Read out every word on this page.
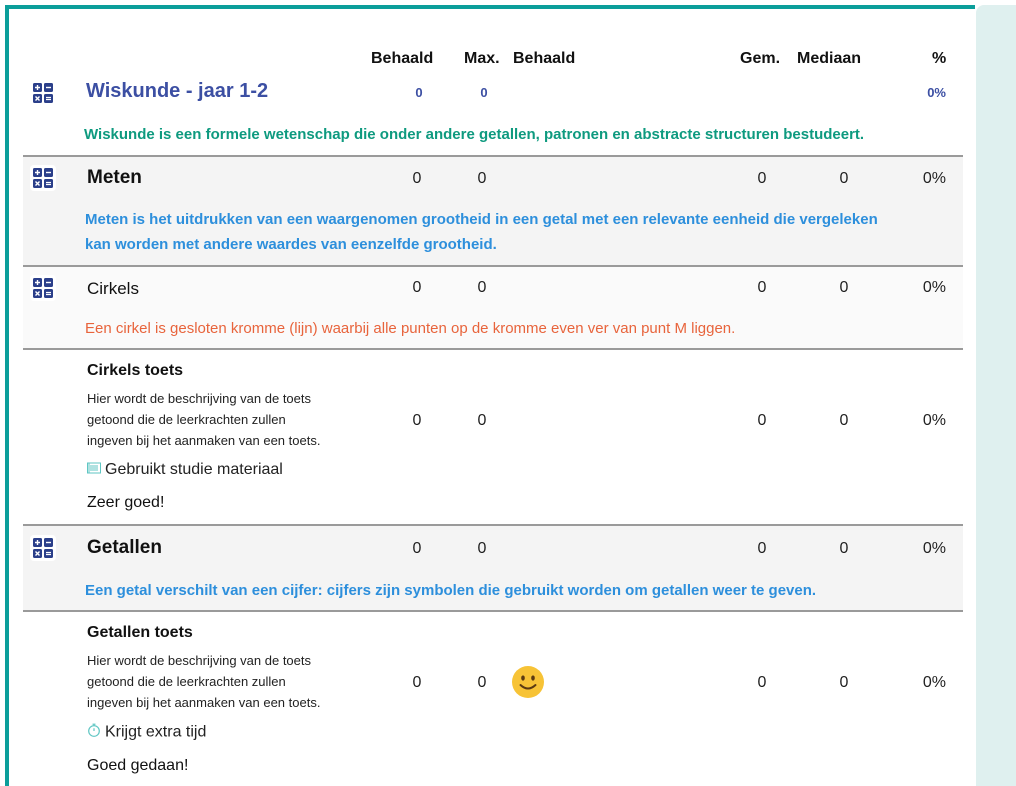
Behaald Max. Behaald	Gem. Mediaan	%
Wiskunde - jaar 1-2	0	0	0%
Wiskunde is een formele wetenschap die onder andere getallen, patronen en abstracte structuren bestudeert.
Meten	0	0	0	0	0%
Meten is het uitdrukken van een waargenomen grootheid in een getal met een relevante eenheid die vergeleken
kan worden met andere waardes van eenzelfde grootheid.
Cirkels	0	0	0	0	0%
Een cirkel is gesloten kromme (lijn) waarbij alle punten op de kromme even ver van punt M liggen.
Cirkels toets
Hier wordt de beschrijving van de toets
getoond die de leerkrachten zullen
ingeven bij het aanmaken van een toets.
0	0	0	0	0%
Gebruikt studie materiaal
Zeer goed!
Getallen	0	0	0	0	0%
Een getal verschilt van een cijfer: cijfers zijn symbolen die gebruikt worden om getallen weer te geven.
Getallen toets
Hier wordt de beschrijving van de toets
getoond die de leerkrachten zullen
ingeven bij het aanmaken van een toets.
0	0	0	0	0%
Krijgt extra tijd
Goed gedaan!
